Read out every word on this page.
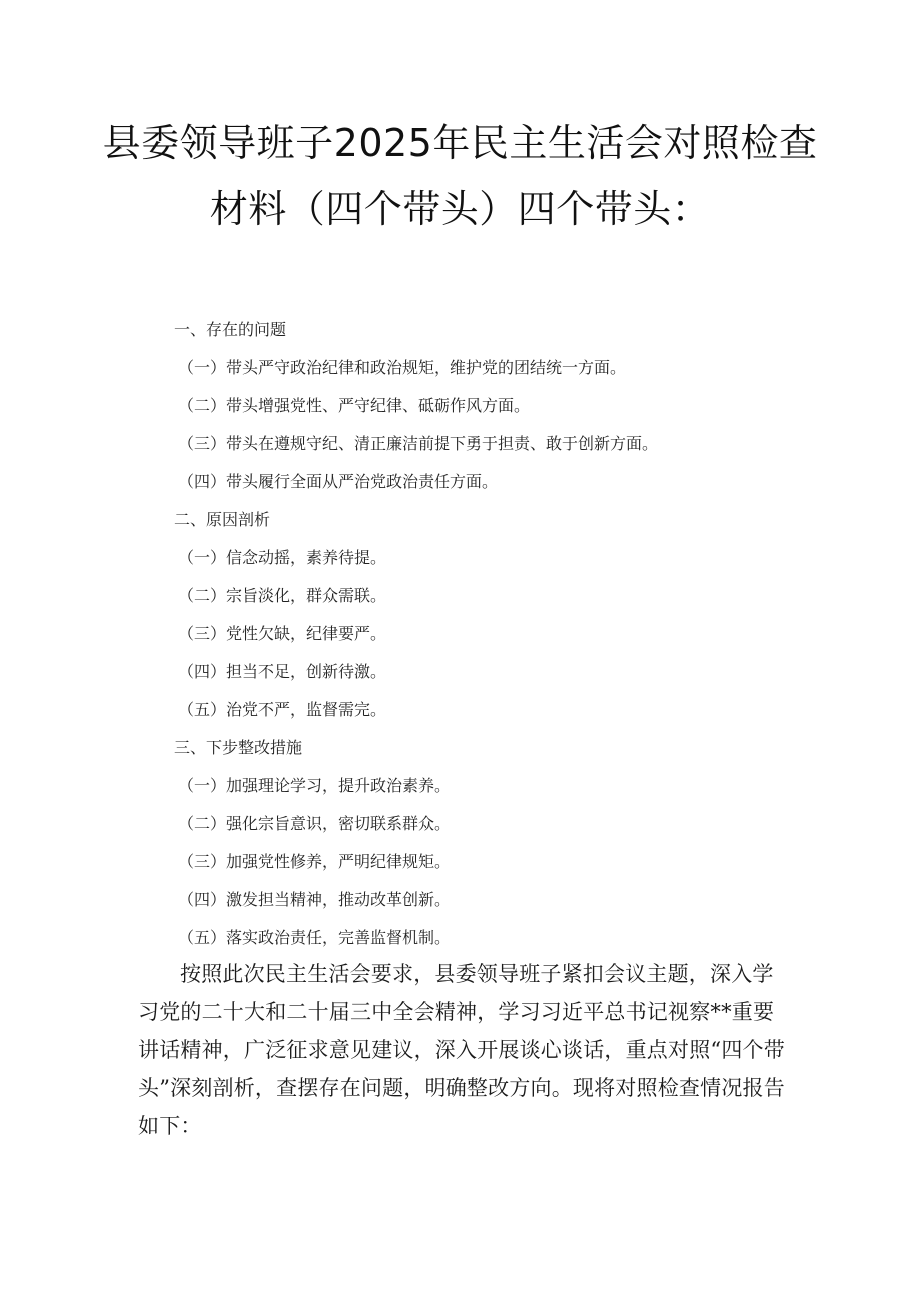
县委领导班子2025年民主生活会对照检查
材料（四个带头）四个带头：
一、存在的问题
（一）带头严守政治纪律和政治规矩，维护党的团结统一方面。
（二）带头增强党性、严守纪律、砥砺作风方面。
（三）带头在遵规守纪、清正廉洁前提下勇于担责、敢于创新方面。
（四）带头履行全面从严治党政治责任方面。
二、原因剖析
（一）信念动摇，素养待提。
（二）宗旨淡化，群众需联。
（三）党性欠缺，纪律要严。
（四）担当不足，创新待激。
（五）治党不严，监督需完。
三、下步整改措施
（一）加强理论学习，提升政治素养。
（二）强化宗旨意识，密切联系群众。
（三）加强党性修养，严明纪律规矩。
（四）激发担当精神，推动改革创新。
（五）落实政治责任，完善监督机制。

按照此次民主生活会要求，县委领导班子紧扣会议主题，深入学习党的二十大和二十届三中全会精神，学习习近平总书记视察**重要讲话精神，广泛征求意见建议，深入开展谈心谈话，重点对照“四个带头”深刻剖析，查摆存在问题，明确整改方向。现将对照检查情况报告如下：
